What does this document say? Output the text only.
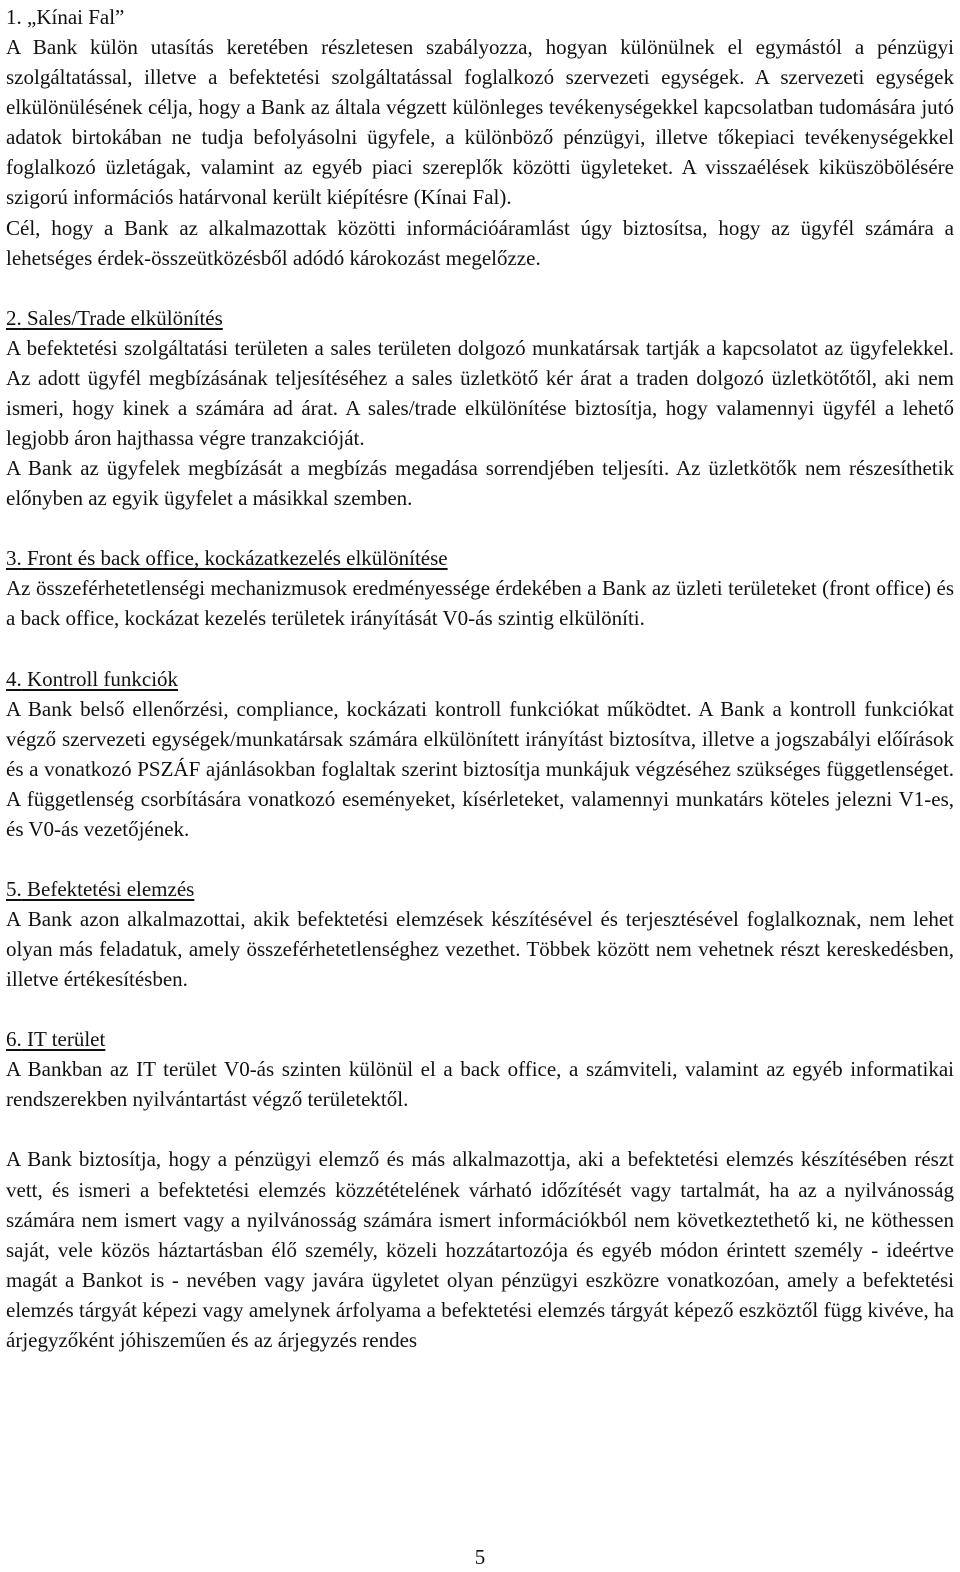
1. „Kínai Fal”

A Bank külön utasítás keretében részletesen szabályozza, hogyan különülnek el egymástól a pénzügyi szolgáltatással, illetve a befektetési szolgáltatással foglalkozó szervezeti egységek. A szervezeti egységek elkülönülésének célja, hogy a Bank az általa végzett különleges tevékenységekkel kapcsolatban tudomására jutó adatok birtokában ne tudja befolyásolni ügyfele, a különböző pénzügyi, illetve tőkepiaci tevékenységekkel foglalkozó üzletágak, valamint az egyéb piaci szereplők közötti ügyleteket. A visszaélések kiküszöbölésére szigorú információs határvonal került kiépítésre (Kínai Fal).

Cél, hogy a Bank az alkalmazottak közötti információáramlást úgy biztosítsa, hogy az ügyfél számára a lehetséges érdek-összeütközésből adódó károkozást megelőzze.

2. Sales/Trade elkülönítés

A befektetési szolgáltatási területen a sales területen dolgozó munkatársak tartják a kapcsolatot az ügyfelekkel. Az adott ügyfél megbízásának teljesítéséhez a sales üzletkötő kér árat a traden dolgozó üzletkötőtől, aki nem ismeri, hogy kinek a számára ad árat. A sales/trade elkülönítése biztosítja, hogy valamennyi ügyfél a lehető legjobb áron hajthassa végre tranzakcióját.

A Bank az ügyfelek megbízását a megbízás megadása sorrendjében teljesíti. Az üzletkötők nem részesíthetik előnyben az egyik ügyfelet a másikkal szemben.

3. Front és back office, kockázatkezelés elkülönítése

Az összeférhetetlenségi mechanizmusok eredményessége érdekében a Bank az üzleti területeket (front office) és a back office, kockázat kezelés területek irányítását V0-ás szintig elkülöníti.

4. Kontroll funkciók

A Bank belső ellenőrzési, compliance, kockázati kontroll funkciókat működtet. A Bank a kontroll funkciókat végző szervezeti egységek/munkatársak számára elkülönített irányítást biztosítva, illetve a jogszabályi előírások és a vonatkozó PSZÁF ajánlásokban foglaltak szerint biztosítja munkájuk végzéséhez szükséges függetlenséget. A függetlenség csorbítására vonatkozó eseményeket, kísérleteket, valamennyi munkatárs köteles jelezni V1-es, és V0-ás vezetőjének.

5. Befektetési elemzés

A Bank azon alkalmazottai, akik befektetési elemzések készítésével és terjesztésével foglalkoznak, nem lehet olyan más feladatuk, amely összeférhetetlenséghez vezethet. Többek között nem vehetnek részt kereskedésben, illetve értékesítésben.

6. IT terület

A Bankban az IT terület V0-ás szinten különül el a back office, a számviteli, valamint az egyéb informatikai rendszerekben nyilvántartást végző területektől.

A Bank biztosítja, hogy a pénzügyi elemző és más alkalmazottja, aki a befektetési elemzés készítésében részt vett, és ismeri a befektetési elemzés közzétételének várható időzítését vagy tartalmát, ha az a nyilvánosság számára nem ismert vagy a nyilvánosság számára ismert információkból nem következtethető ki, ne köthessen saját, vele közös háztartásban élő személy, közeli hozzátartozója és egyéb módon érintett személy - ideértve magát a Bankot is - nevében vagy javára ügyletet olyan pénzügyi eszközre vonatkozóan, amely a befektetési elemzés tárgyát képezi vagy amelynek árfolyama a befektetési elemzés tárgyát képező eszköztől függ kivéve, ha árjegyzőként jóhiszeműen és az árjegyzés rendes

5
